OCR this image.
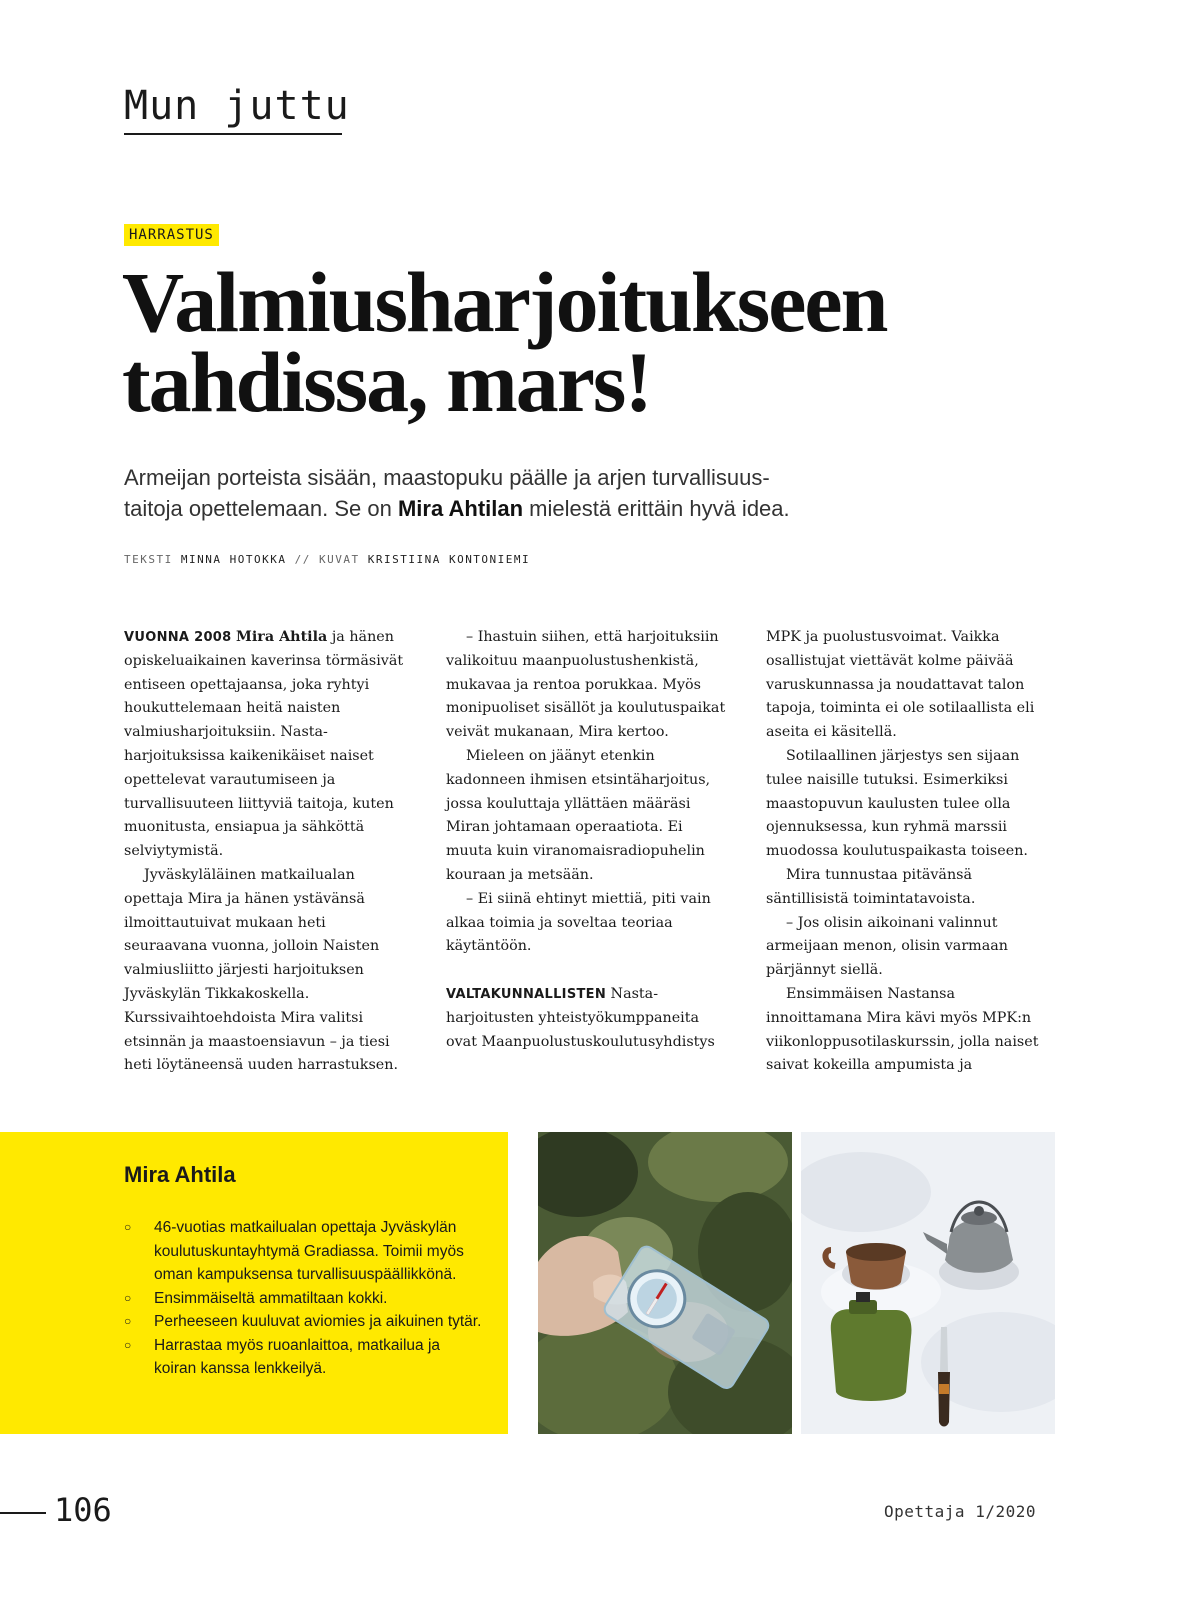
Mun juttu
HARRASTUS
Valmiusharjoitukseen
tahdissa, mars!

Armeijan porteista sisään, maastopuku päälle ja arjen turvallisuus-
taitoja opettelemaan. Se on Mira Ahtilan mielestä erittäin hyvä idea.

TEKSTI MINNA HOTOKKA // KUVAT KRISTIINA KONTONIEMI

VUONNA 2008 Mira Ahtila ja hänen opiskeluaikainen kaverinsa törmäsivät entiseen opettajaansa, joka ryhtyi houkuttelemaan heitä naisten valmiusharjoituksiin. Nasta-harjoituksissa kaikenikäiset naiset opettelevat varautumiseen ja turvallisuuteen liittyviä taitoja, kuten muonitusta, ensiapua ja sähköttä selviytymistä.

Jyväskyläläinen matkailualan opettaja Mira ja hänen ystävänsä ilmoittautuivat mukaan heti seuraavana vuonna, jolloin Naisten valmiusliitto järjesti harjoituksen Jyväskylän Tikkakoskella. Kurssivaihtoehdoista Mira valitsi etsinnän ja maastoensiavun – ja tiesi heti löytäneensä uuden harrastuksen.

– Ihastuin siihen, että harjoituksiin valikoituu maanpuolustushenkistä, mukavaa ja rentoa porukkaa. Myös monipuoliset sisällöt ja koulutuspaikat veivät mukanaan, Mira kertoo.

Mieleen on jäänyt etenkin kadonneen ihmisen etsintäharjoitus, jossa kouluttaja yllättäen määräsi Miran johtamaan operaatiota. Ei muuta kuin viranomaisradiopuhelin kouraan ja metsään.

– Ei siinä ehtinyt miettiä, piti vain alkaa toimia ja soveltaa teoriaa käytäntöön.

VALTAKUNNALLISTEN Nasta-harjoitusten yhteistyökumppaneita ovat Maanpuolustuskoulutusyhdistys

MPK ja puolustusvoimat. Vaikka osallistujat viettävät kolme päivää varuskunnassa ja noudattavat talon tapoja, toiminta ei ole sotilaallista eli aseita ei käsitellä.

Sotilaallinen järjestys sen sijaan tulee naisille tutuksi. Esimerkiksi maastopuvun kaulusten tulee olla ojennuksessa, kun ryhmä marssii muodossa koulutuspaikasta toiseen.

Mira tunnustaa pitävänsä säntillisistä toimintatavoista.

– Jos olisin aikoinani valinnut armeijaan menon, olisin varmaan pärjännyt siellä.

Ensimmäisen Nastansa innoittamana Mira kävi myös MPK:n viikonloppusotilaskurssin, jolla naiset saivat kokeilla ampumista ja

Mira Ahtila
○ 46-vuotias matkailualan opettaja Jyväskylän koulutuskuntayhtymä Gradiassa. Toimii myös oman kampuksensa turvallisuuspäällikkönä.
○ Ensimmäiseltä ammatiltaan kokki.
○ Perheeseen kuuluvat aviomies ja aikuinen tytär.
○ Harrastaa myös ruoanlaittoa, matkailua ja koiran kanssa lenkkeilyä.
106	Opettaja 1/2020
